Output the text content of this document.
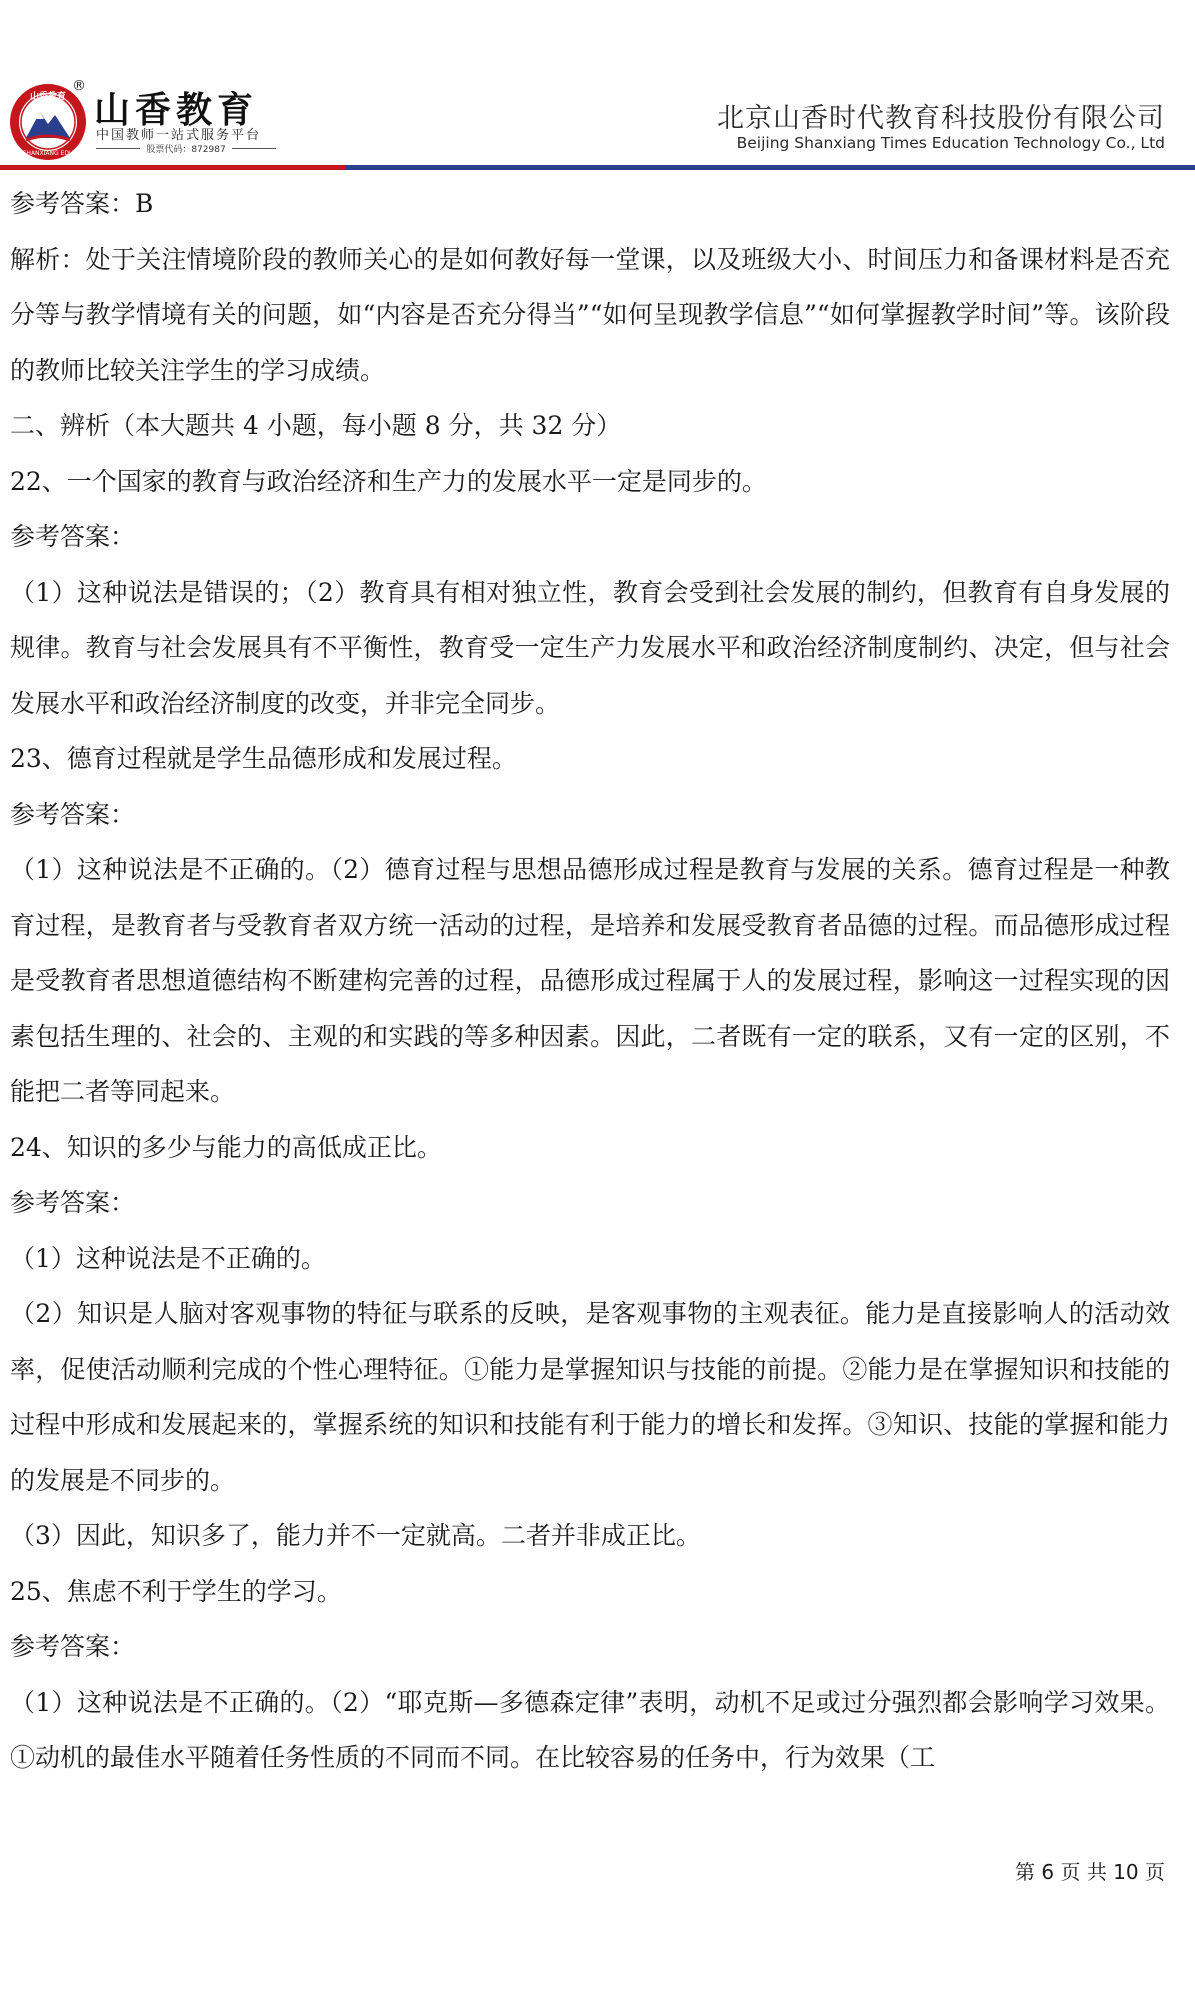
山香教育
SHANXIANG EDU
®
山香教育
中国教师一站式服务平台
股票代码：872987
北京山香时代教育科技股份有限公司
Beijing Shanxiang Times Education Technology Co., Ltd

参考答案：B

解析：处于关注情境阶段的教师关心的是如何教好每一堂课，以及班级大小、时间压力和备课材料是否充分等与教学情境有关的问题，如“内容是否充分得当”“如何呈现教学信息”“如何掌握教学时间”等。该阶段的教师比较关注学生的学习成绩。

二、辨析（本大题共 4 小题，每小题 8 分，共 32 分）

22、一个国家的教育与政治经济和生产力的发展水平一定是同步的。

参考答案：

（1）这种说法是错误的；（2）教育具有相对独立性，教育会受到社会发展的制约，但教育有自身发展的规律。教育与社会发展具有不平衡性，教育受一定生产力发展水平和政治经济制度制约、决定，但与社会发展水平和政治经济制度的改变，并非完全同步。

23、德育过程就是学生品德形成和发展过程。

参考答案：

（1）这种说法是不正确的。（2）德育过程与思想品德形成过程是教育与发展的关系。德育过程是一种教育过程，是教育者与受教育者双方统一活动的过程，是培养和发展受教育者品德的过程。而品德形成过程是受教育者思想道德结构不断建构完善的过程，品德形成过程属于人的发展过程，影响这一过程实现的因素包括生理的、社会的、主观的和实践的等多种因素。因此，二者既有一定的联系，又有一定的区别，不能把二者等同起来。

24、知识的多少与能力的高低成正比。

参考答案：

（1）这种说法是不正确的。

（2）知识是人脑对客观事物的特征与联系的反映，是客观事物的主观表征。能力是直接影响人的活动效率，促使活动顺利完成的个性心理特征。①能力是掌握知识与技能的前提。②能力是在掌握知识和技能的过程中形成和发展起来的，掌握系统的知识和技能有利于能力的增长和发挥。③知识、技能的掌握和能力的发展是不同步的。

（3）因此，知识多了，能力并不一定就高。二者并非成正比。

25、焦虑不利于学生的学习。

参考答案：

（1）这种说法是不正确的。（2）“耶克斯—多德森定律”表明，动机不足或过分强烈都会影响学习效果。①动机的最佳水平随着任务性质的不同而不同。在比较容易的任务中，行为效果（工

第 6 页 共 10 页
